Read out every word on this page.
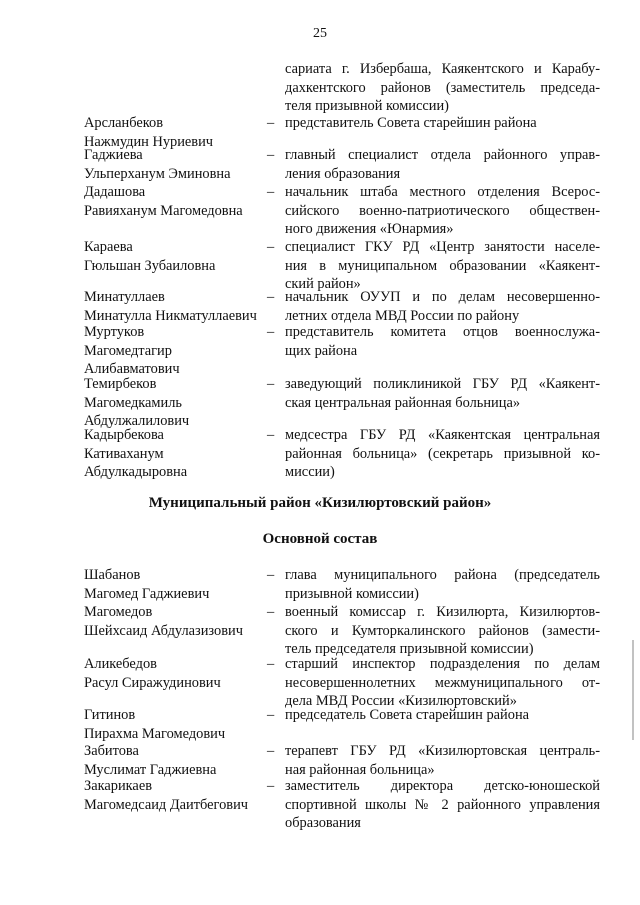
25
сариата г. Избербаша, Каякентского и Карабу-
дахкентского районов (заместитель председа-
теля призывной комиссии)
Арсланбеков
Нажмудин Нуриевич
– представитель Совета старейшин района
Гаджиева
Ульперханум Эминовна
– главный специалист отдела районного управ-
ления образования
Дадашова
Равияханум Магомедовна
– начальник штаба местного отделения Всерос-
сийского военно-патриотического обществен-
ного движения «Юнармия»
Караева
Гюльшан Зубаиловна
– специалист ГКУ РД «Центр занятости населе-
ния в муниципальном образовании «Каякент-
ский район»
Минатуллаев
Минатулла Никматуллаевич
– начальник ОУУП и по делам несовершенно-
летних отдела МВД России по району
Муртуков
Магомедтагир
Алибавматович
– представитель комитета отцов военнослужа-
щих района
Темирбеков
Магомедкамиль
Абдулжалилович
– заведующий поликлиникой ГБУ РД «Каякент-
ская центральная районная больница»
Кадырбекова
Кативаханум
Абдулкадыровна
– медсестра ГБУ РД «Каякентская центральная
районная больница» (секретарь призывной ко-
миссии)
Муниципальный район «Кизилюртовский район»
Основной состав
Шабанов
Магомед Гаджиевич
– глава муниципального района (председатель
призывной комиссии)
Магомедов
Шейхсаид Абдулазизович
– военный комиссар г. Кизилюрта, Кизилюртов-
ского и Кумторкалинского районов (замести-
тель председателя призывной комиссии)
Аликебедов
Расул Сиражудинович
– старший инспектор подразделения по делам
несовершеннолетних межмуниципального от-
дела МВД России «Кизилюртовский»
Гитинов
Пирахма Магомедович
– председатель Совета старейшин района
Забитова
Муслимат Гаджиевна
– терапевт ГБУ РД «Кизилюртовская централь-
ная районная больница»
Закарикаев
Магомедсаид Даитбегович
– заместитель директора детско-юношеской
спортивной школы № 2 районного управления
образования
